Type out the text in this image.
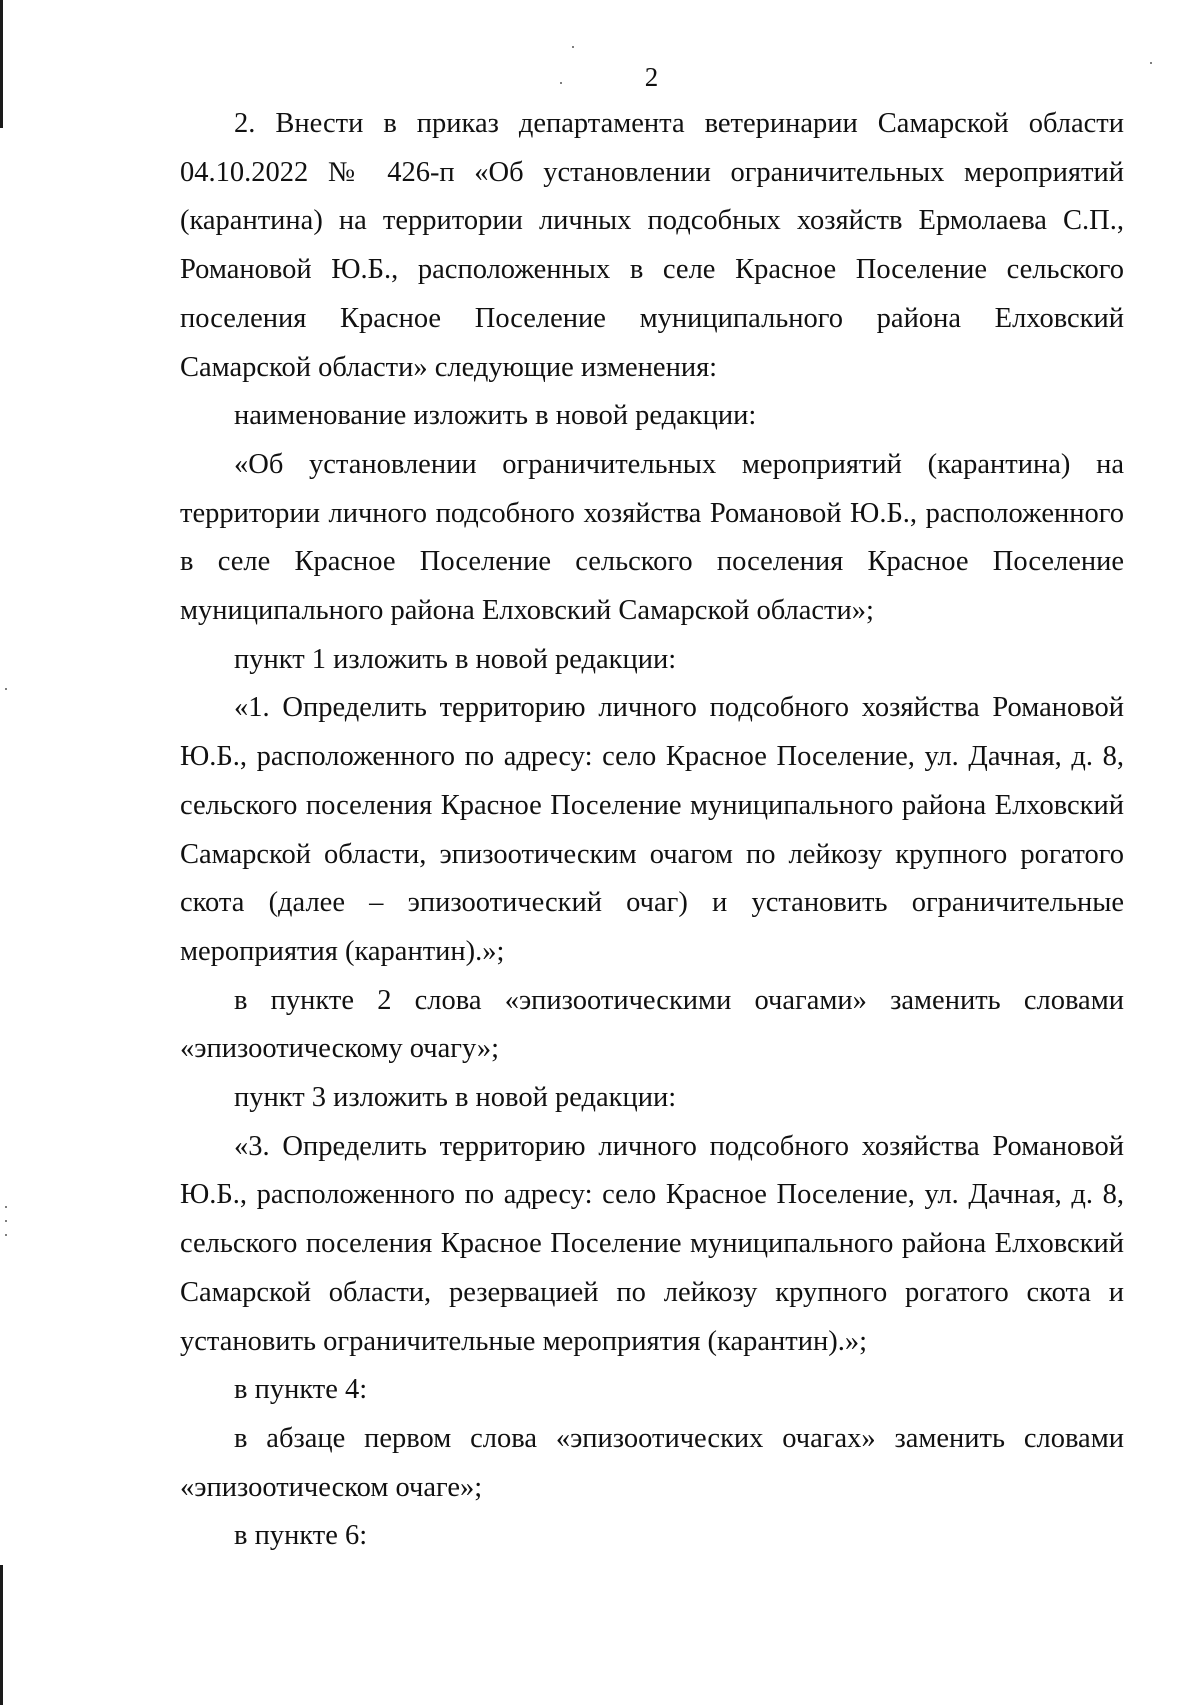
2

2. Внести в приказ департамента ветеринарии Самарской области 04.10.2022 № 426-п «Об установлении ограничительных мероприятий (карантина) на территории личных подсобных хозяйств Ермолаева С.П., Романовой Ю.Б., расположенных в селе Красное Поселение сельского поселения Красное Поселение муниципального района Елховский Самарской области» следующие изменения:

наименование изложить в новой редакции:

«Об установлении ограничительных мероприятий (карантина) на территории личного подсобного хозяйства Романовой Ю.Б., расположенного в селе Красное Поселение сельского поселения Красное Поселение муниципального района Елховский Самарской области»;

пункт 1 изложить в новой редакции:

«1. Определить территорию личного подсобного хозяйства Романовой Ю.Б., расположенного по адресу: село Красное Поселение, ул. Дачная, д. 8, сельского поселения Красное Поселение муниципального района Елховский Самарской области, эпизоотическим очагом по лейкозу крупного рогатого скота (далее – эпизоотический очаг) и установить ограничительные мероприятия (карантин).»;

в пункте 2 слова «эпизоотическими очагами» заменить словами

«эпизоотическому очагу»;

пункт 3 изложить в новой редакции:

«3. Определить территорию личного подсобного хозяйства Романовой Ю.Б., расположенного по адресу: село Красное Поселение, ул. Дачная, д. 8, сельского поселения Красное Поселение муниципального района Елховский Самарской области, резервацией по лейкозу крупного рогатого скота и установить ограничительные мероприятия (карантин).»;

в пункте 4:

в абзаце первом слова «эпизоотических очагах» заменить словами

«эпизоотическом очаге»;

в пункте 6:
